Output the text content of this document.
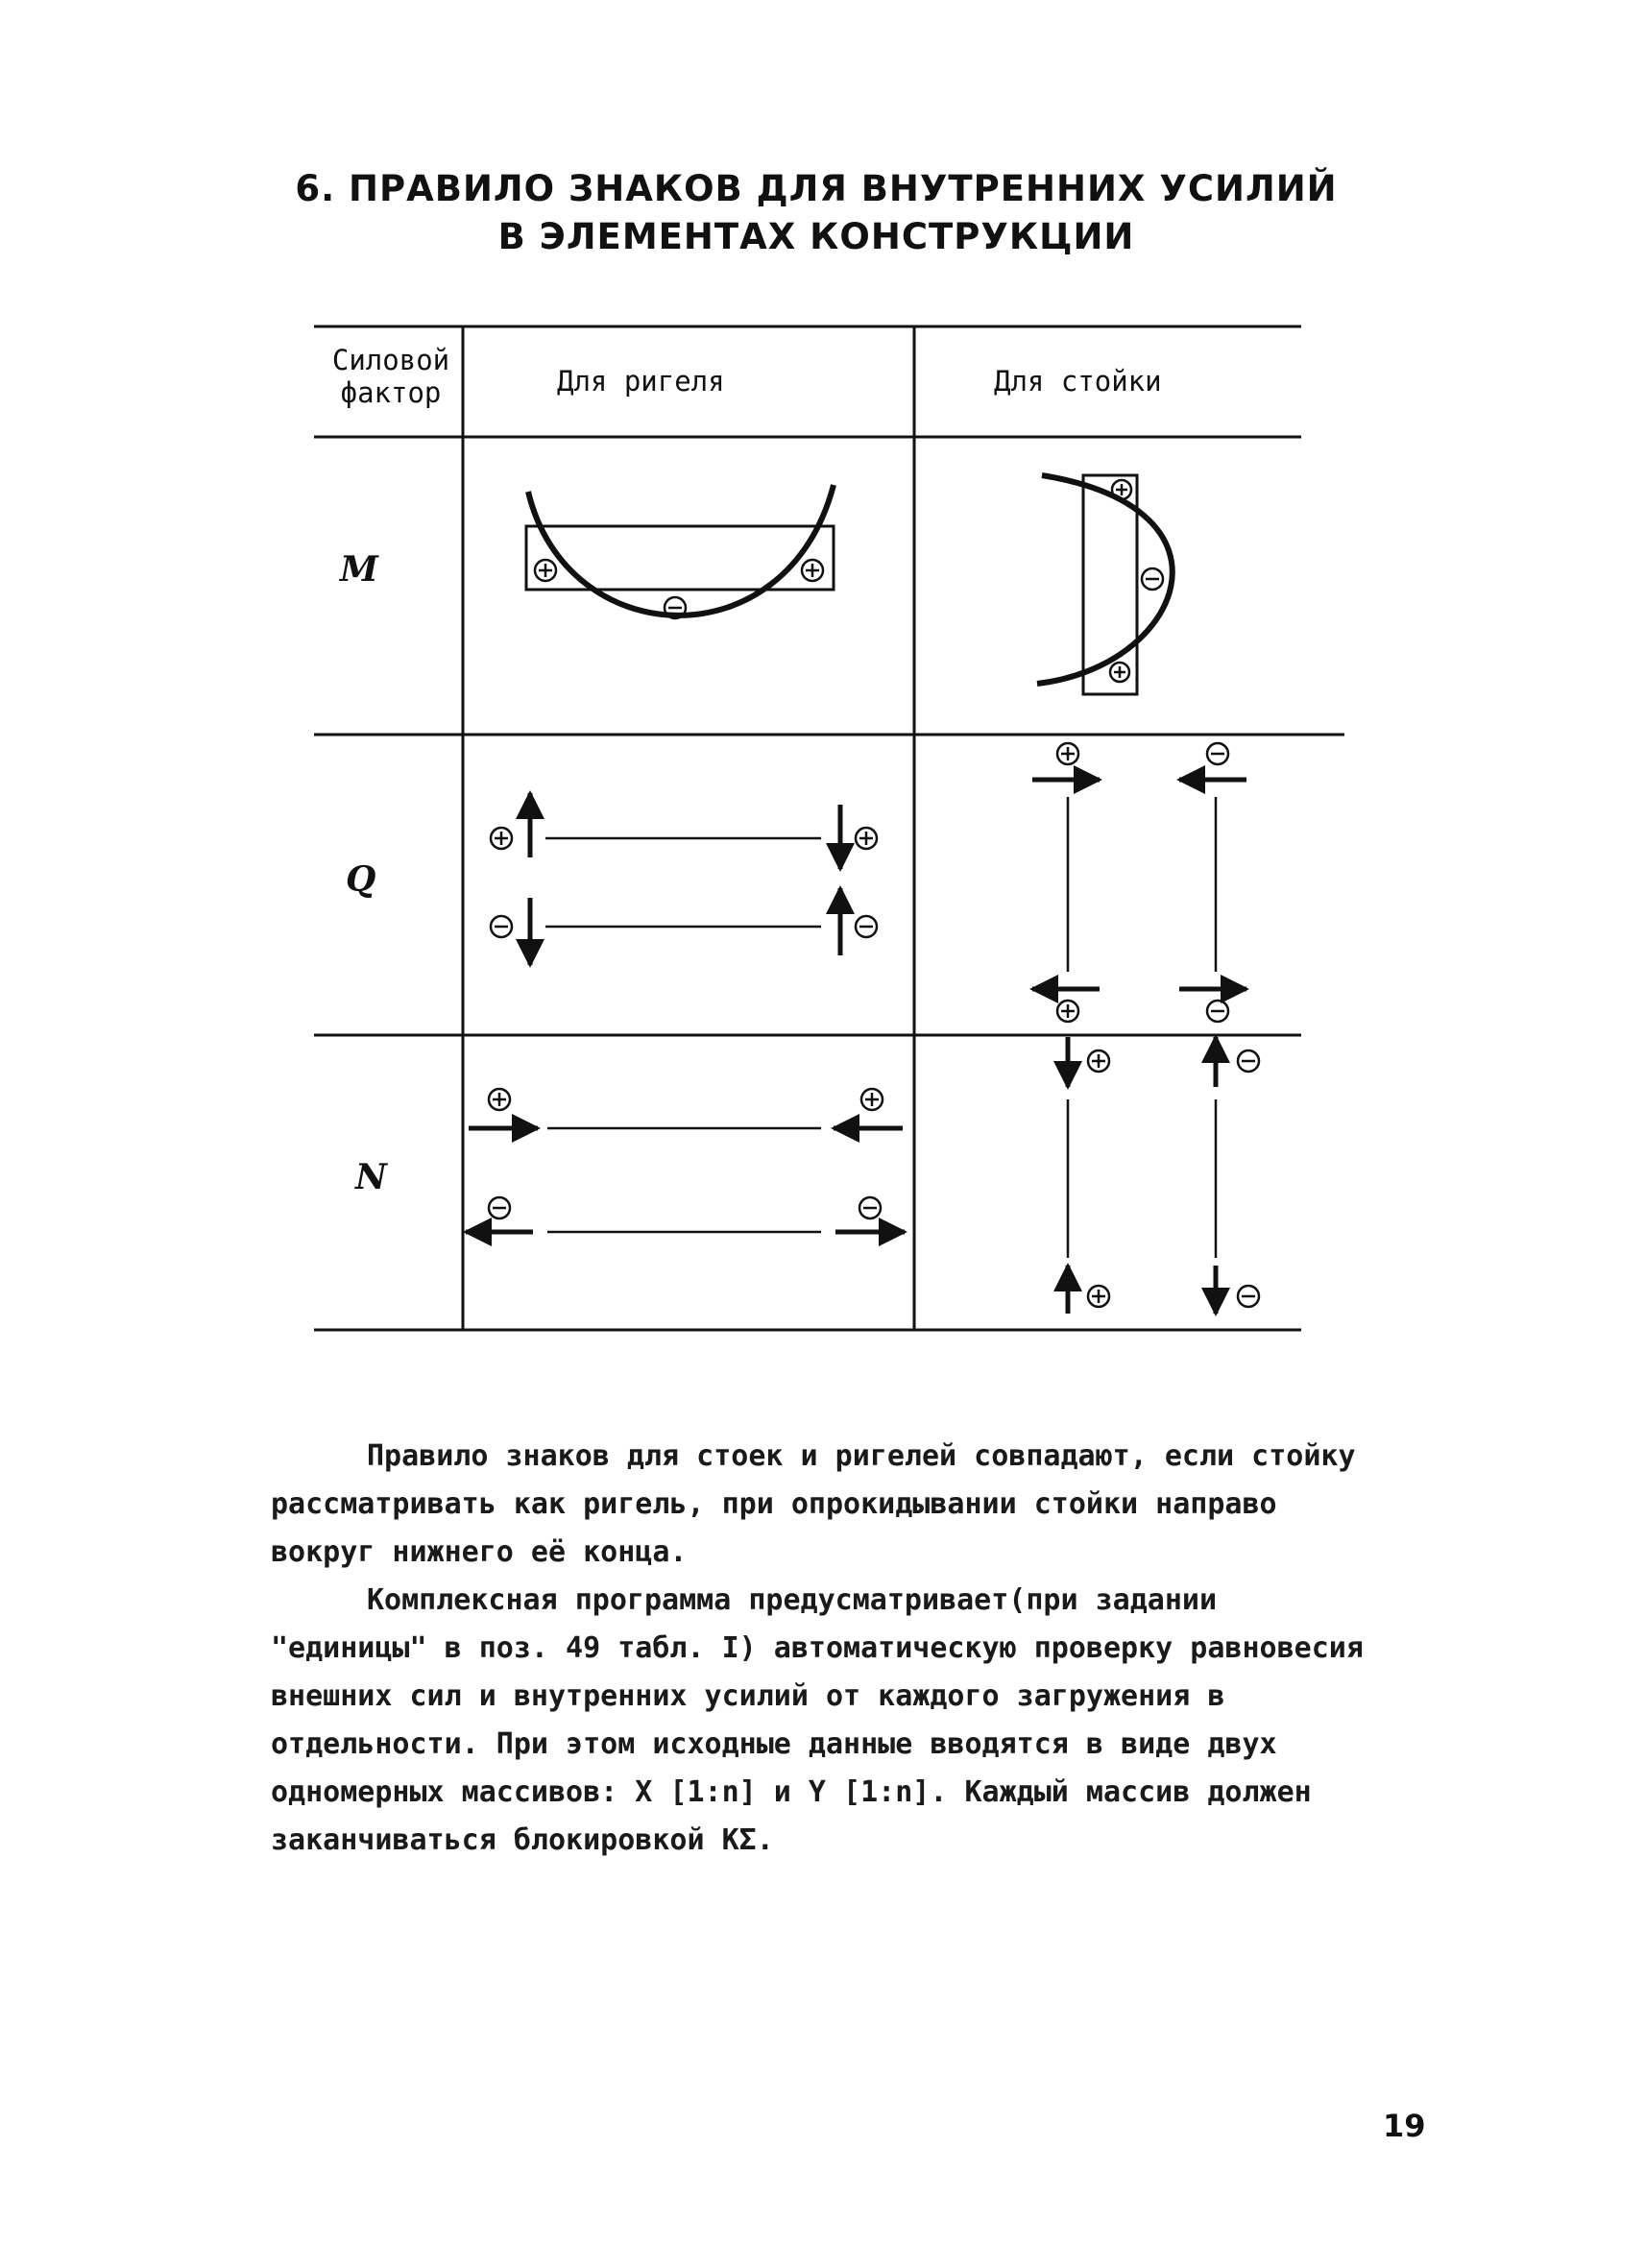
6. ПРАВИЛО ЗНАКОВ ДЛЯ ВНУТРЕННИХ УСИЛИЙ
В ЭЛЕМЕНТАХ КОНСТРУКЦИИ
Силовой
фактор	Для ригеля	Для стойки
M
Q
N

Правило знаков для стоек и ригелей совпадают, если стойку рассматривать как ригель, при опрокидывании стойки направо вокруг нижнего её конца.

Комплексная программа предусматривает(при задании "единицы" в поз. 49 табл. I) автоматическую проверку равновесия внешних сил и внутренних усилий от каждого загружения в отдельности. При этом исходные данные вводятся в виде двух одномерных массивов: X [1:n] и Y [1:n]. Каждый массив должен заканчиваться блокировкой КΣ.

19
